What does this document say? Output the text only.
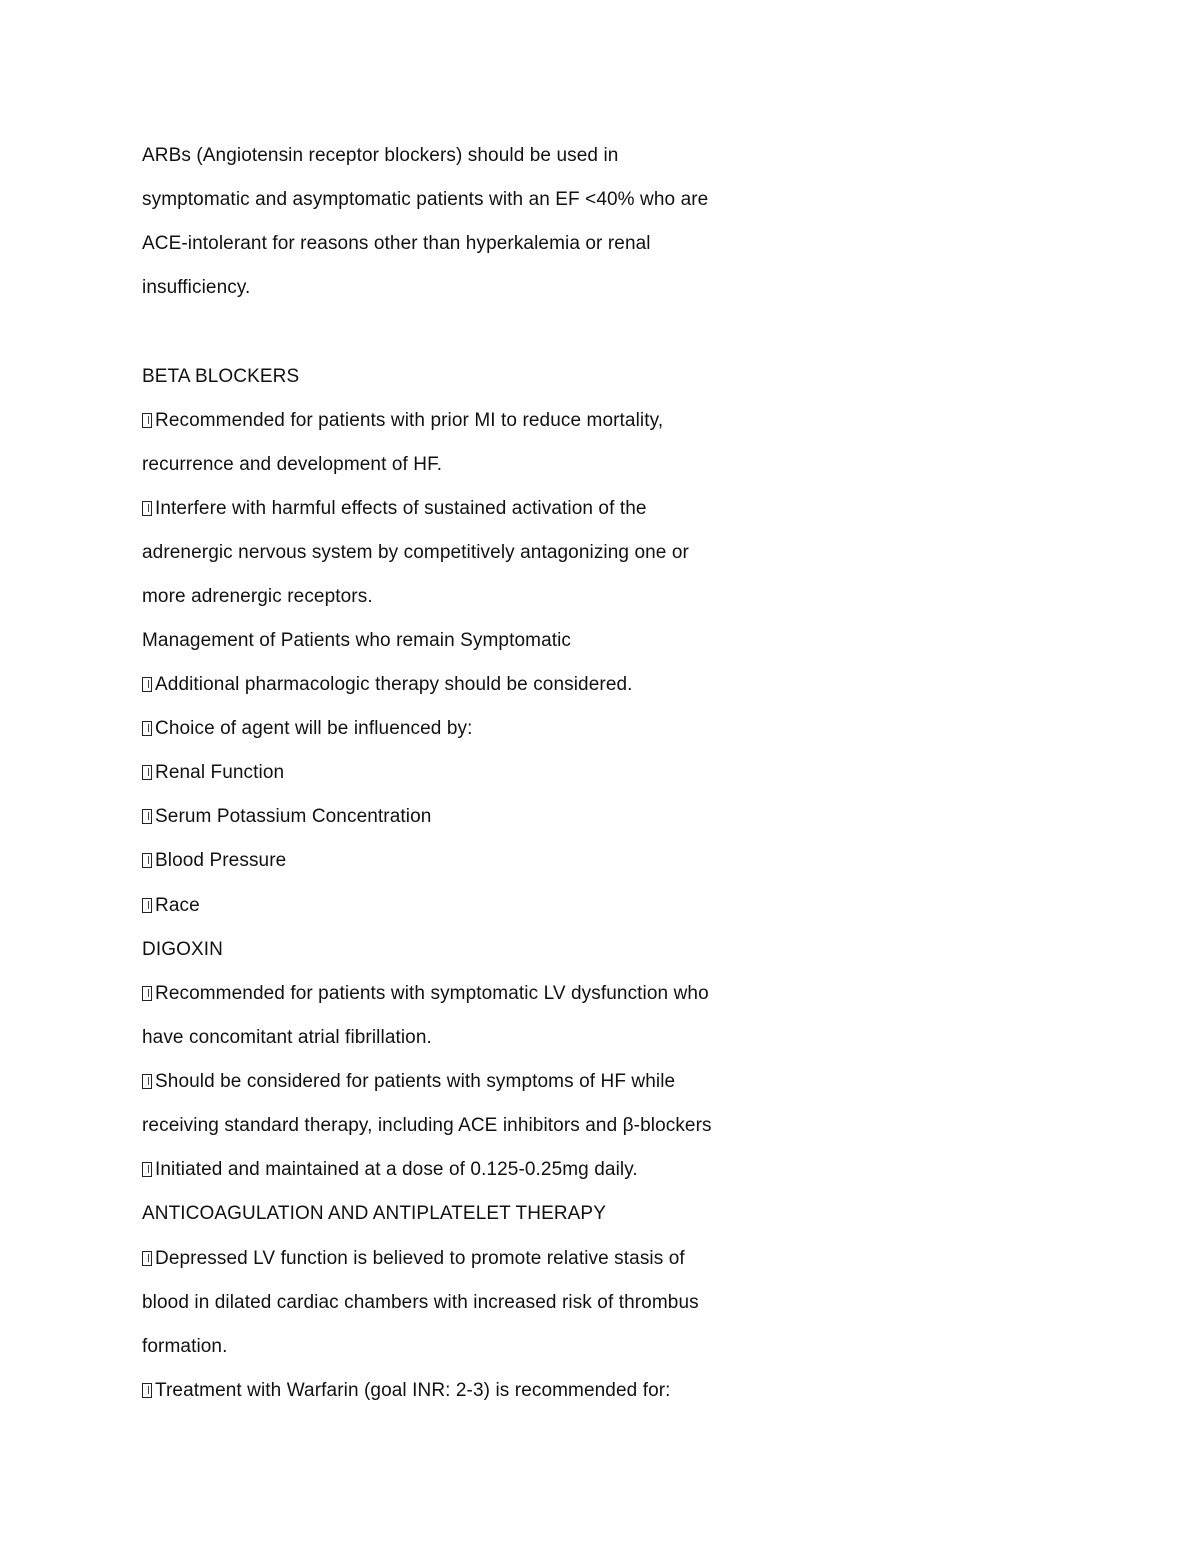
ARBs (Angiotensin receptor blockers) should be used in
symptomatic and asymptomatic patients with an EF <40% who are
ACE-intolerant for reasons other than hyperkalemia or renal
insufficiency.
BETA BLOCKERS
Recommended for patients with prior MI to reduce mortality,
recurrence and development of HF.
Interfere with harmful effects of sustained activation of the
adrenergic nervous system by competitively antagonizing one or
more adrenergic receptors.
Management of Patients who remain Symptomatic
Additional pharmacologic therapy should be considered.
Choice of agent will be influenced by:
Renal Function
Serum Potassium Concentration
Blood Pressure
Race
DIGOXIN
Recommended for patients with symptomatic LV dysfunction who
have concomitant atrial fibrillation.
Should be considered for patients with symptoms of HF while
receiving standard therapy, including ACE inhibitors and β-blockers
Initiated and maintained at a dose of 0.125-0.25mg daily.
ANTICOAGULATION AND ANTIPLATELET THERAPY
Depressed LV function is believed to promote relative stasis of
blood in dilated cardiac chambers with increased risk of thrombus
formation.
Treatment with Warfarin (goal INR: 2-3) is recommended for:
